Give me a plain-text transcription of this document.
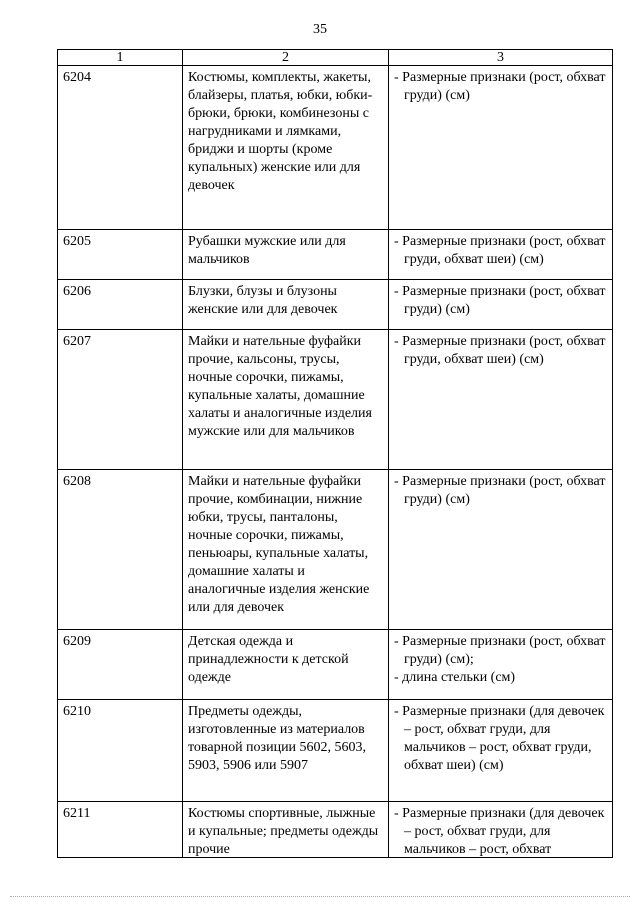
35
1	2	3
6204	Костюмы, комплекты, жакеты, блайзеры, платья, юбки, юбки-брюки, брюки, комбинезоны с нагрудниками и лямками, бриджи и шорты (кроме купальных) женские или для девочек	- Размерные признаки (рост, обхват груди) (см)

6205	Рубашки мужские или для мальчиков	- Размерные признаки (рост, обхват груди, обхват шеи) (см)

6206	Блузки, блузы и блузоны женские или для девочек	- Размерные признаки (рост, обхват груди) (см)

6207	Майки и нательные фуфайки прочие, кальсоны, трусы, ночные сорочки, пижамы, купальные халаты, домашние халаты и аналогичные изделия мужские или для мальчиков	- Размерные признаки (рост, обхват груди, обхват шеи) (см)

6208	Майки и нательные фуфайки прочие, комбинации, нижние юбки, трусы, панталоны, ночные сорочки, пижамы, пеньюары, купальные халаты, домашние халаты и аналогичные изделия женские или для девочек	- Размерные признаки (рост, обхват груди) (см)

6209	Детская одежда и принадлежности к детской одежде	- Размерные признаки (рост, обхват груди) (см);
- длина стельки (см)

6210	Предметы одежды, изготовленные из материалов товарной позиции 5602, 5603, 5903, 5906 или 5907	- Размерные признаки (для девочек – рост, обхват груди, для мальчиков – рост, обхват груди, обхват шеи) (см)

6211	Костюмы спортивные, лыжные и купальные; предметы одежды прочие	- Размерные признаки (для девочек – рост, обхват груди, для мальчиков – рост, обхват
